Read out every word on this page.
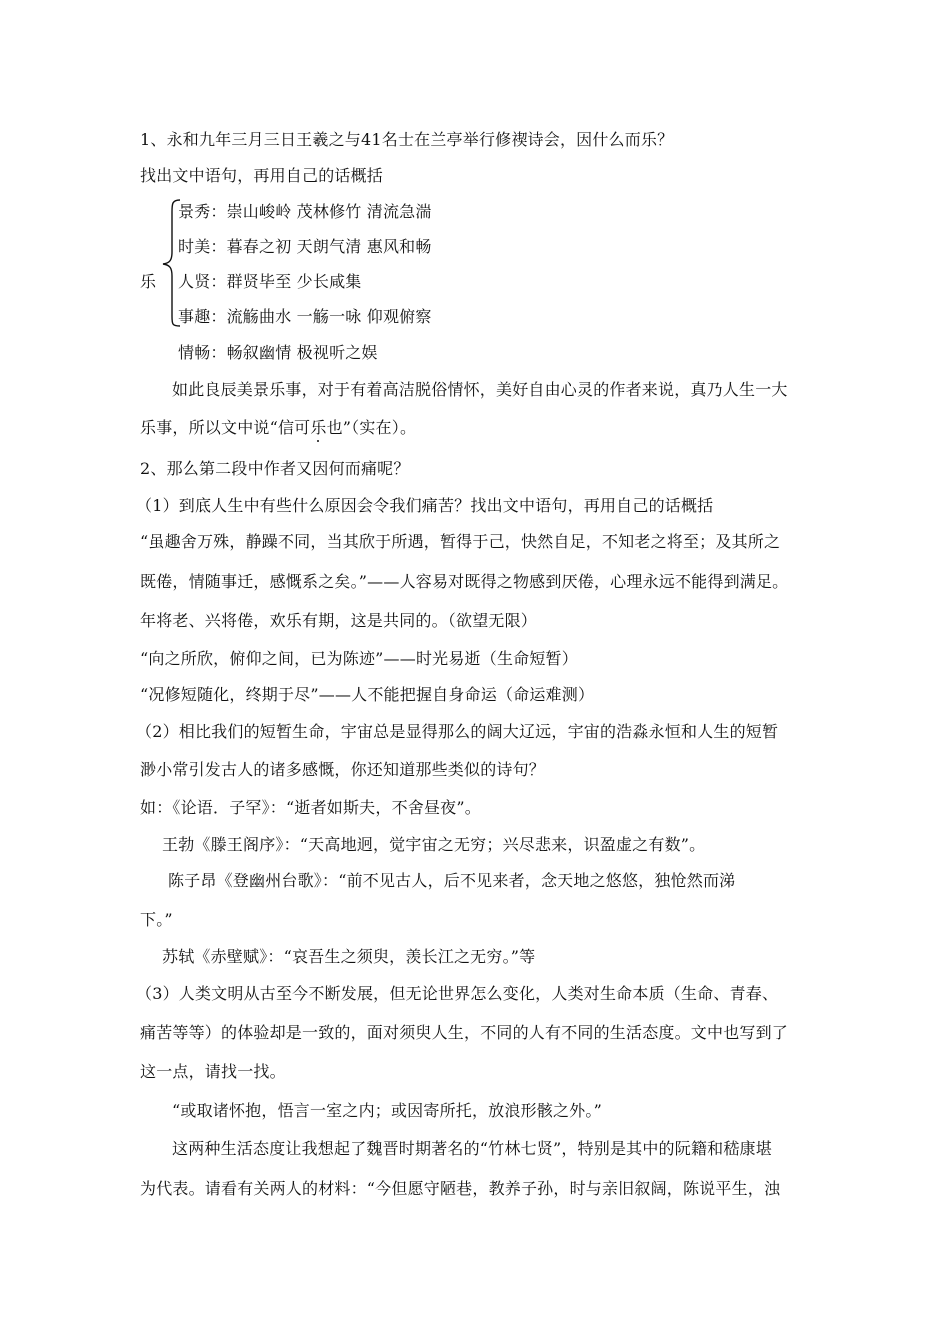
1、永和九年三月三日王羲之与41名士在兰亭举行修禊诗会，因什么而乐？
找出文中语句，再用自己的话概括
乐
景秀：崇山峻岭 茂林修竹 清流急湍
时美：暮春之初 天朗气清 惠风和畅
人贤：群贤毕至 少长咸集
事趣：流觞曲水 一觞一咏 仰观俯察
情畅：畅叙幽情 极视听之娱
如此良辰美景乐事，对于有着高洁脱俗情怀，美好自由心灵的作者来说，真乃人生一大
乐事，所以文中说“信可乐也”（实在）。
2、那么第二段中作者又因何而痛呢？
（1）到底人生中有些什么原因会令我们痛苦？找出文中语句，再用自己的话概括
“虽趣舍万殊，静躁不同，当其欣于所遇，暂得于己，快然自足，不知老之将至；及其所之
既倦，情随事迁，感慨系之矣。”——人容易对既得之物感到厌倦，心理永远不能得到满足。
年将老、兴将倦，欢乐有期，这是共同的。（欲望无限）
“向之所欣，俯仰之间，已为陈迹”——时光易逝（生命短暂）
“况修短随化，终期于尽”——人不能把握自身命运（命运难测）
（2）相比我们的短暂生命，宇宙总是显得那么的阔大辽远，宇宙的浩淼永恒和人生的短暂
渺小常引发古人的诸多感慨，你还知道那些类似的诗句？
如：《论语．子罕》：“逝者如斯夫，不舍昼夜”。
王勃《滕王阁序》：“天高地迥，觉宇宙之无穷；兴尽悲来，识盈虚之有数”。
陈子昂《登幽州台歌》：“前不见古人，后不见来者，念天地之悠悠，独怆然而涕
下。”
苏轼《赤壁赋》：“哀吾生之须臾，羡长江之无穷。”等
（3）人类文明从古至今不断发展，但无论世界怎么变化，人类对生命本质（生命、青春、
痛苦等等）的体验却是一致的，面对须臾人生，不同的人有不同的生活态度。文中也写到了
这一点，请找一找。
“或取诸怀抱，悟言一室之内；或因寄所托，放浪形骸之外。”
这两种生活态度让我想起了魏晋时期著名的“竹林七贤”，特别是其中的阮籍和嵇康堪
为代表。请看有关两人的材料：“今但愿守陋巷，教养子孙，时与亲旧叙阔，陈说平生，浊
